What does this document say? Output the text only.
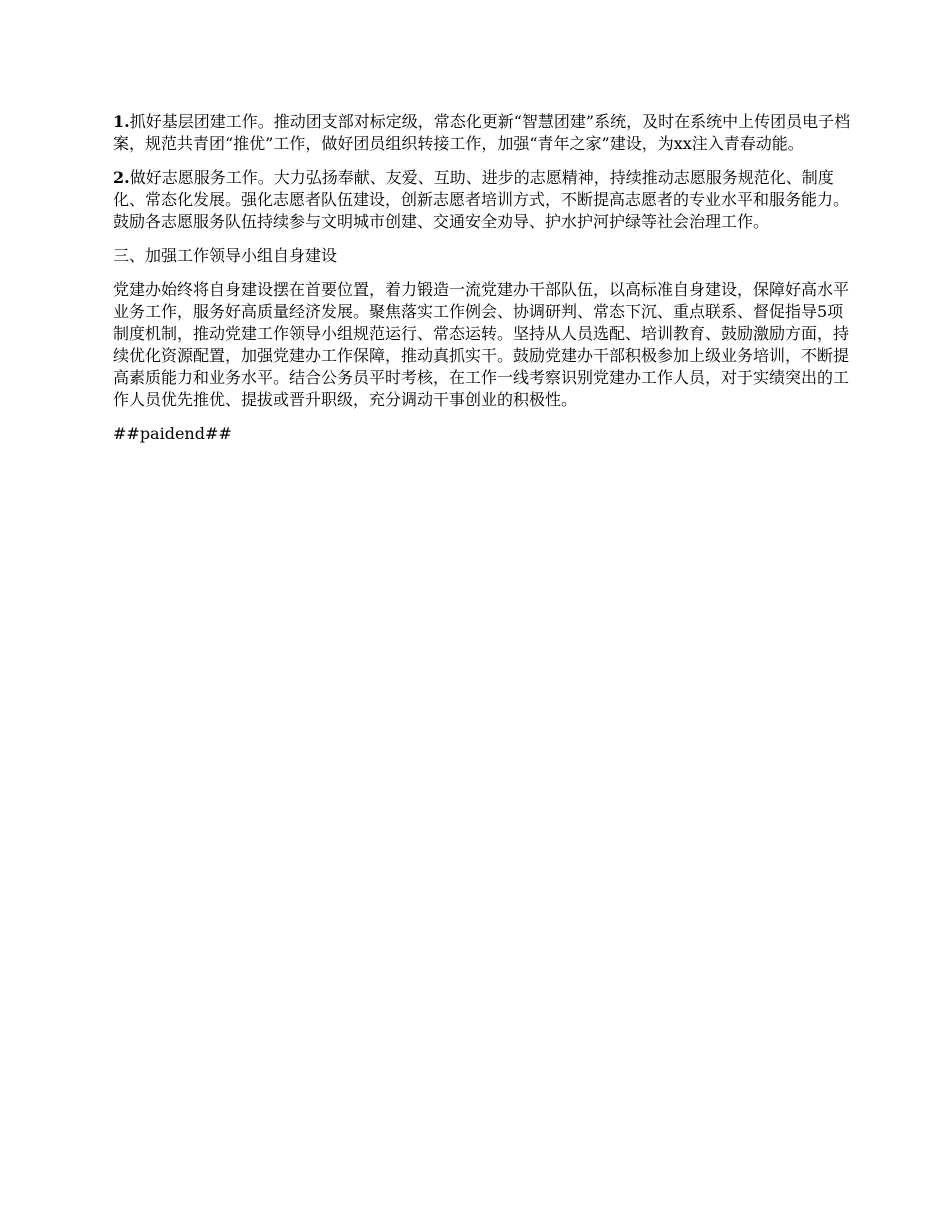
1.抓好基层团建工作。推动团支部对标定级，常态化更新“智慧团建”系统，及时在系统中上传团员电子档案，规范共青团“推优”工作，做好团员组织转接工作，加强“青年之家”建设，为xx注入青春动能。

2.做好志愿服务工作。大力弘扬奉献、友爱、互助、进步的志愿精神，持续推动志愿服务规范化、制度化、常态化发展。强化志愿者队伍建设，创新志愿者培训方式，不断提高志愿者的专业水平和服务能力。鼓励各志愿服务队伍持续参与文明城市创建、交通安全劝导、护水护河护绿等社会治理工作。

三、加强工作领导小组自身建设

党建办始终将自身建设摆在首要位置，着力锻造一流党建办干部队伍，以高标准自身建设，保障好高水平业务工作，服务好高质量经济发展。聚焦落实工作例会、协调研判、常态下沉、重点联系、督促指导5项制度机制，推动党建工作领导小组规范运行、常态运转。坚持从人员选配、培训教育、鼓励激励方面，持续优化资源配置，加强党建办工作保障，推动真抓实干。鼓励党建办干部积极参加上级业务培训，不断提高素质能力和业务水平。结合公务员平时考核，在工作一线考察识别党建办工作人员，对于实绩突出的工作人员优先推优、提拔或晋升职级，充分调动干事创业的积极性。

##paidend##
